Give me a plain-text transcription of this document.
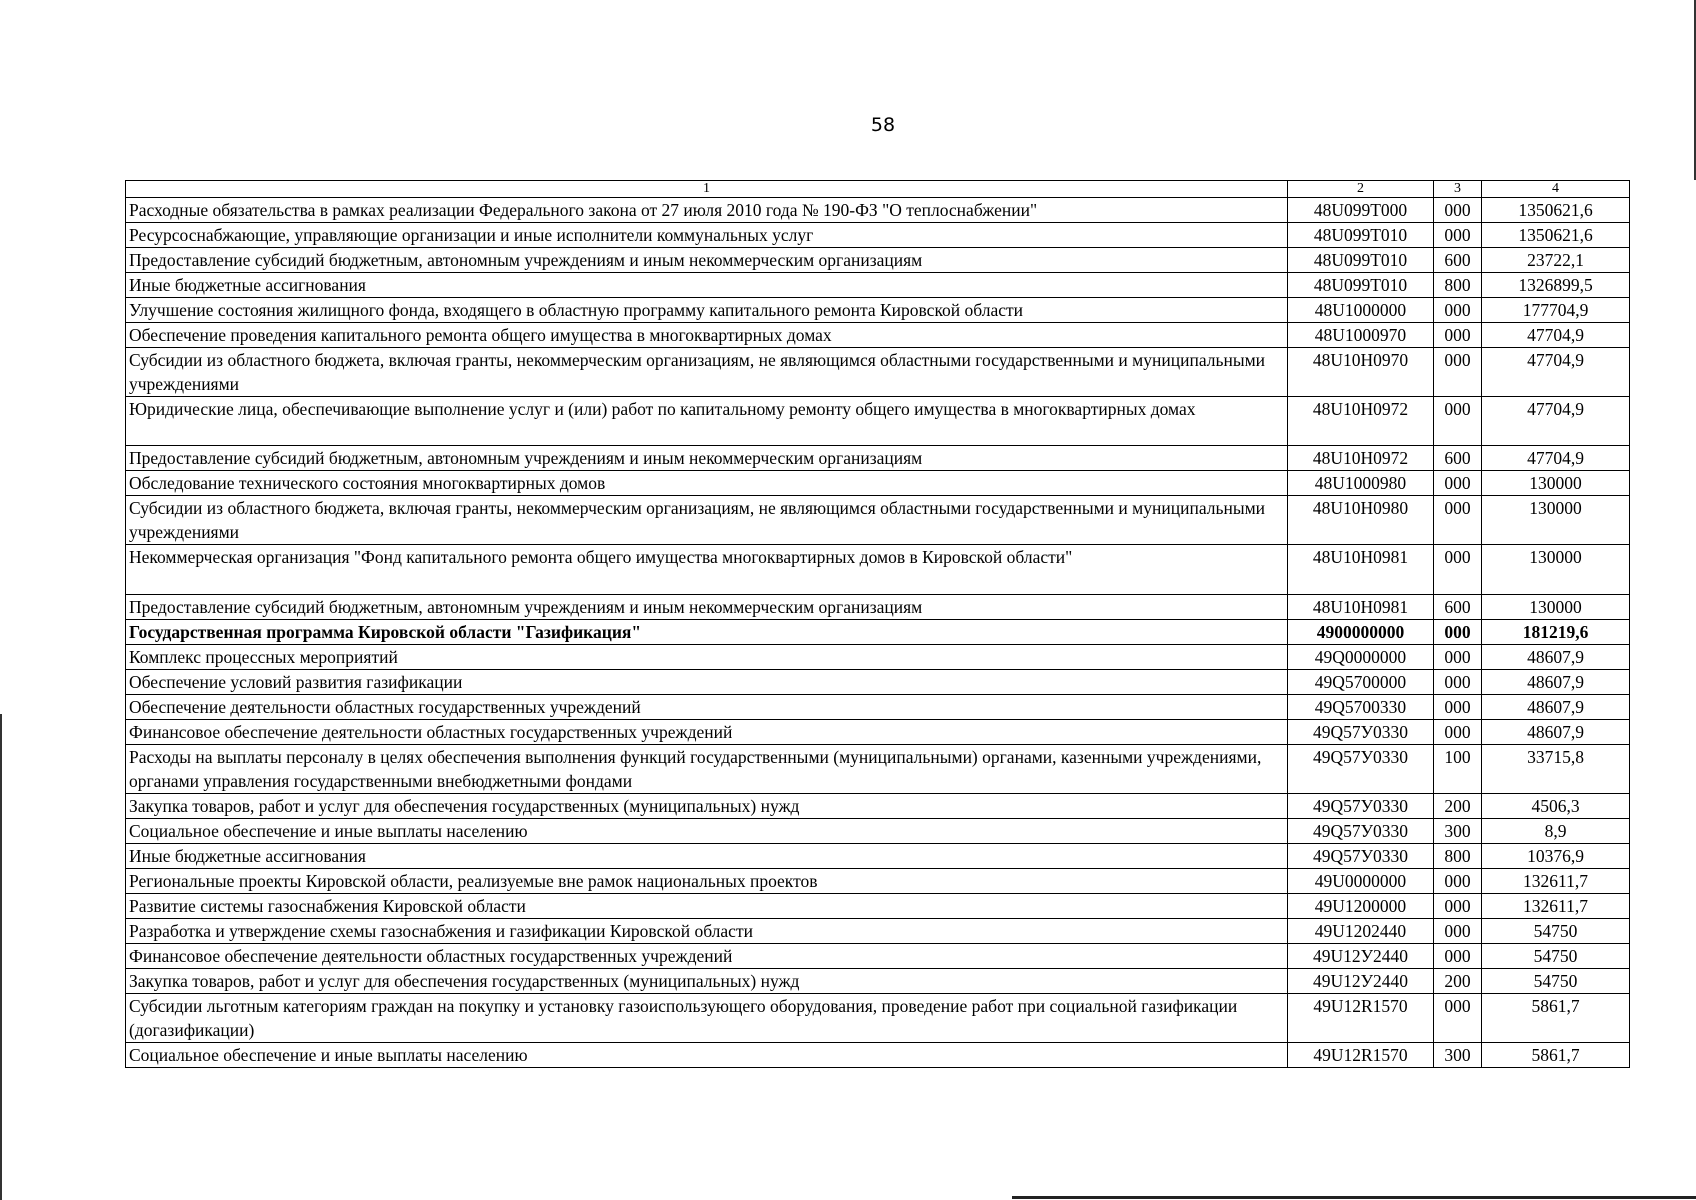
58
1	2	3	4
Расходные обязательства в рамках реализации Федерального закона от 27 июля 2010 года № 190-ФЗ "О теплоснабжении"	48U099T000	000	1350621,6
Ресурсоснабжающие, управляющие организации и иные исполнители коммунальных услуг	48U099T010	000	1350621,6
Предоставление субсидий бюджетным, автономным учреждениям и иным некоммерческим организациям	48U099T010	600	23722,1
Иные бюджетные ассигнования	48U099T010	800	1326899,5
Улучшение состояния жилищного фонда, входящего в областную программу капитального ремонта Кировской области	48U1000000	000	177704,9
Обеспечение проведения капитального ремонта общего имущества в многоквартирных домах	48U1000970	000	47704,9
Субсидии из областного бюджета, включая гранты, некоммерческим организациям, не являющимся областными государственными и муниципальными учреждениями	48U10H0970	000	47704,9
Юридические лица, обеспечивающие выполнение услуг и (или) работ по капитальному ремонту общего имущества в многоквартирных домах	48U10H0972	000	47704,9
Предоставление субсидий бюджетным, автономным учреждениям и иным некоммерческим организациям	48U10H0972	600	47704,9
Обследование технического состояния многоквартирных домов	48U1000980	000	130000
Субсидии из областного бюджета, включая гранты, некоммерческим организациям, не являющимся областными государственными и муниципальными учреждениями	48U10H0980	000	130000
Некоммерческая организация "Фонд капитального ремонта общего имущества многоквартирных домов в Кировской области"	48U10H0981	000	130000
Предоставление субсидий бюджетным, автономным учреждениям и иным некоммерческим организациям	48U10H0981	600	130000
Государственная программа Кировской области "Газификация"	4900000000	000	181219,6
Комплекс процессных мероприятий	49Q0000000	000	48607,9
Обеспечение условий развития газификации	49Q5700000	000	48607,9
Обеспечение деятельности областных государственных учреждений	49Q5700330	000	48607,9
Финансовое обеспечение деятельности областных государственных учреждений	49Q57У0330	000	48607,9
Расходы на выплаты персоналу в целях обеспечения выполнения функций государственными (муниципальными) органами, казенными учреждениями, органами управления государственными внебюджетными фондами	49Q57У0330	100	33715,8
Закупка товаров, работ и услуг для обеспечения государственных (муниципальных) нужд	49Q57У0330	200	4506,3
Социальное обеспечение и иные выплаты населению	49Q57У0330	300	8,9
Иные бюджетные ассигнования	49Q57У0330	800	10376,9
Региональные проекты Кировской области, реализуемые вне рамок национальных проектов	49U0000000	000	132611,7
Развитие системы газоснабжения Кировской области	49U1200000	000	132611,7
Разработка и утверждение схемы газоснабжения и газификации Кировской области	49U1202440	000	54750
Финансовое обеспечение деятельности областных государственных учреждений	49U12У2440	000	54750
Закупка товаров, работ и услуг для обеспечения государственных (муниципальных) нужд	49U12У2440	200	54750
Субсидии льготным категориям граждан на покупку и установку газоиспользующего оборудования, проведение работ при социальной газификации (догазификации)	49U12R1570	000	5861,7
Социальное обеспечение и иные выплаты населению	49U12R1570	300	5861,7
